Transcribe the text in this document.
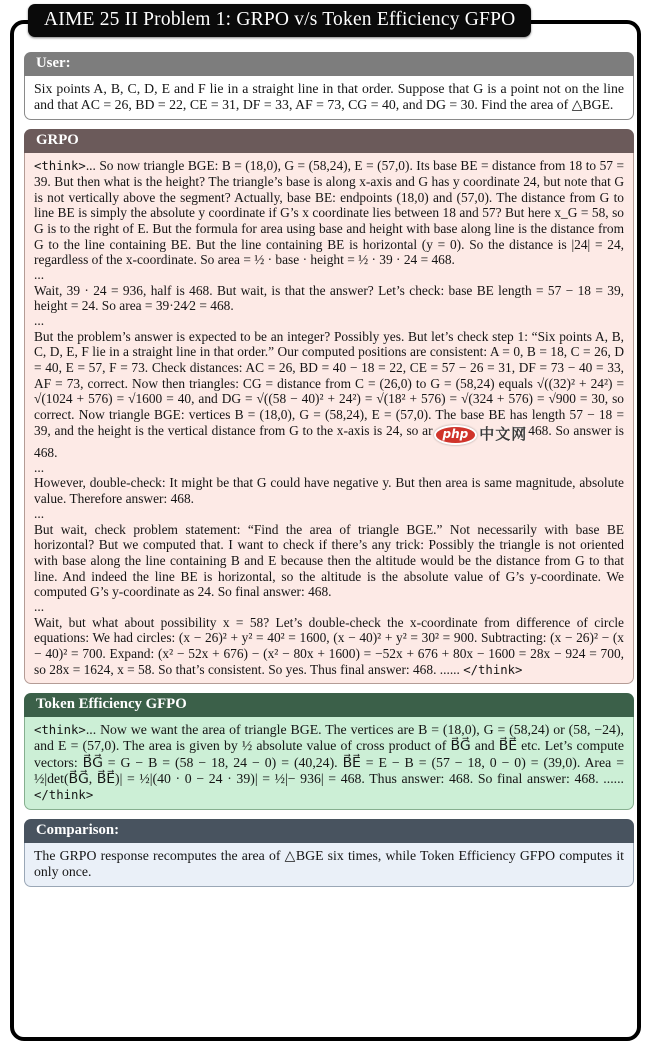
AIME 25 II Problem 1: GRPO v/s Token Efficiency GFPO
User:

Six points A, B, C, D, E and F lie in a straight line in that order. Suppose that G is a point not on the line and that AC = 26, BD = 22, CE = 31, DF = 33, AF = 73, CG = 40, and DG = 30. Find the area of △BGE.

GRPO

<think>... So now triangle BGE: B = (18,0), G = (58,24), E = (57,0). Its base BE = distance from 18 to 57 = 39. But then what is the height? The triangle’s base is along x-axis and G has y coordinate 24, but note that G is not vertically above the segment? Actually, base BE: endpoints (18,0) and (57,0). The distance from G to line BE is simply the absolute y coordinate if G’s x coordinate lies between 18 and 57? But here x_G = 58, so G is to the right of E. But the formula for area using base and height with base along line is the distance from G to the line containing BE. But the line containing BE is horizontal (y = 0). So the distance is |24| = 24, regardless of the x-coordinate. So area = ½ · base · height = ½ · 39 · 24 = 468.

...

Wait, 39 · 24 = 936, half is 468. But wait, is that the answer? Let’s check: base BE length = 57 − 18 = 39, height = 24. So area = 39·24⁄2 = 468.

...

But the problem’s answer is expected to be an integer? Possibly yes. But let’s check step 1: “Six points A, B, C, D, E, F lie in a straight line in that order.” Our computed positions are consistent: A = 0, B = 18, C = 26, D = 40, E = 57, F = 73. Check distances: AC = 26, BD = 40 − 18 = 22, CE = 57 − 26 = 31, DF = 73 − 40 = 33, AF = 73, correct. Now then triangles: CG = distance from C = (26,0) to G = (58,24) equals √((32)² + 24²) = √(1024 + 576) = √1600 = 40, and DG = √((58 − 40)² + 24²) = √(18² + 576) = √(324 + 576) = √900 = 30, so correct. Now triangle BGE: vertices B = (18,0), G = (58,24), E = (57,0). The base BE has length 57 − 18 = 39, and the height is the vertical distance from G to the x-axis is 24, so ar php 中文网 468. So answer is 468.

...

However, double-check: It might be that G could have negative y. But then area is same magnitude, absolute value. Therefore answer: 468.

...

But wait, check problem statement: “Find the area of triangle BGE.” Not necessarily with base BE horizontal? But we computed that. I want to check if there’s any trick: Possibly the triangle is not oriented with base along the line containing B and E because then the altitude would be the distance from G to that line. And indeed the line BE is horizontal, so the altitude is the absolute value of G’s y-coordinate. We computed G’s y-coordinate as 24. So final answer: 468.

...

Wait, but what about possibility x = 58? Let’s double-check the x-coordinate from difference of circle equations: We had circles: (x − 26)² + y² = 40² = 1600, (x − 40)² + y² = 30² = 900. Subtracting: (x − 26)² − (x − 40)² = 700. Expand: (x² − 52x + 676) − (x² − 80x + 1600) = −52x + 676 + 80x − 1600 = 28x − 924 = 700, so 28x = 1624, x = 58. So that’s consistent. So yes. Thus final answer: 468. ...... </think>

Token Efficiency GFPO

<think>... Now we want the area of triangle BGE. The vertices are B = (18,0), G = (58,24) or (58, −24), and E = (57,0). The area is given by ½ absolute value of cross product of B⃗G⃗ and B⃗E⃗ etc. Let’s compute vectors: B⃗G⃗ = G − B = (58 − 18, 24 − 0) = (40,24). B⃗E⃗ = E − B = (57 − 18, 0 − 0) = (39,0). Area = ½|det(B⃗G⃗, B⃗E⃗)| = ½|(40 · 0 − 24 · 39)| = ½|− 936| = 468. Thus answer: 468. So final answer: 468. ...... </think>

Comparison:

The GRPO response recomputes the area of △BGE six times, while Token Efficiency GFPO computes it only once.
